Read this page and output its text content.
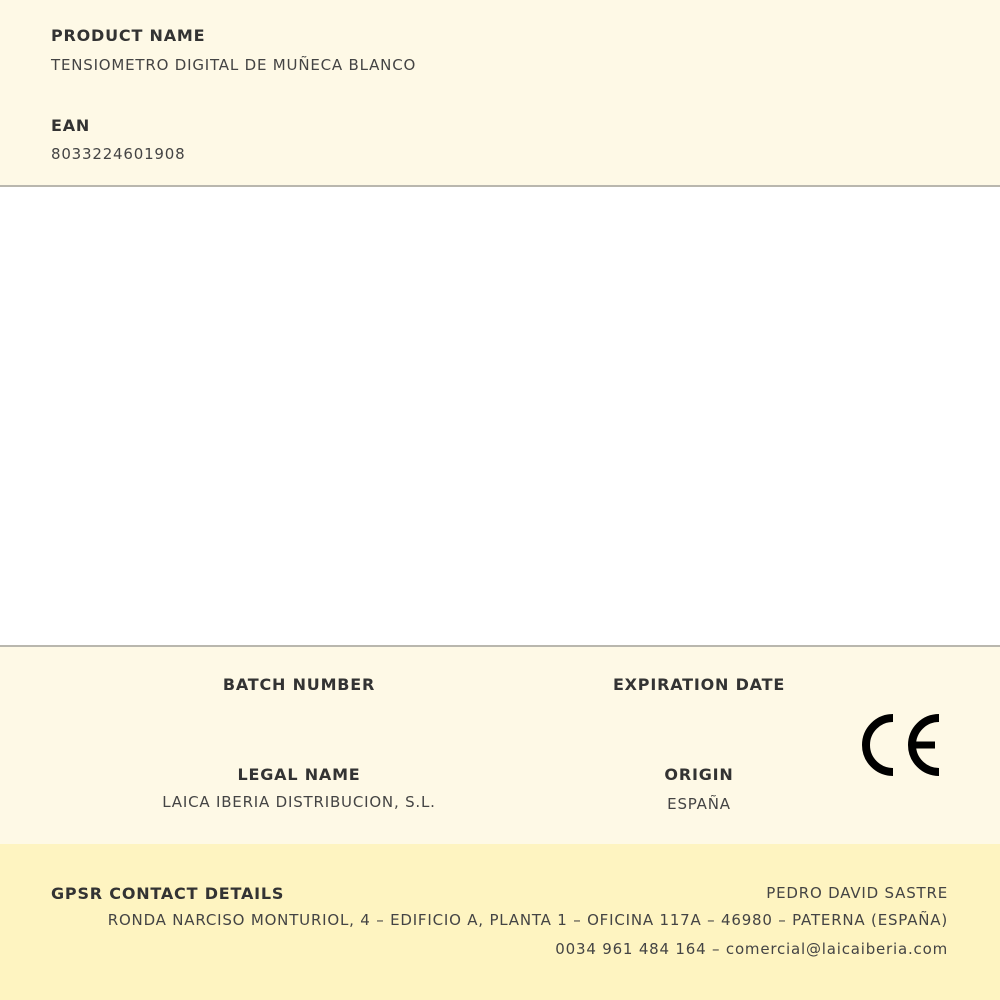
PRODUCT NAME
TENSIOMETRO DIGITAL DE MUÑECA BLANCO
EAN
8033224601908
BATCH NUMBER	EXPIRATION DATE
LEGAL NAME
LAICA IBERIA DISTRIBUCION, S.L.
ORIGIN
ESPAÑA
GPSR CONTACT DETAILS	PEDRO DAVID SASTRE
RONDA NARCISO MONTURIOL, 4 – EDIFICIO A, PLANTA 1 – OFICINA 117A – 46980 – PATERNA (ESPAÑA)
0034 961 484 164 – comercial@laicaiberia.com
